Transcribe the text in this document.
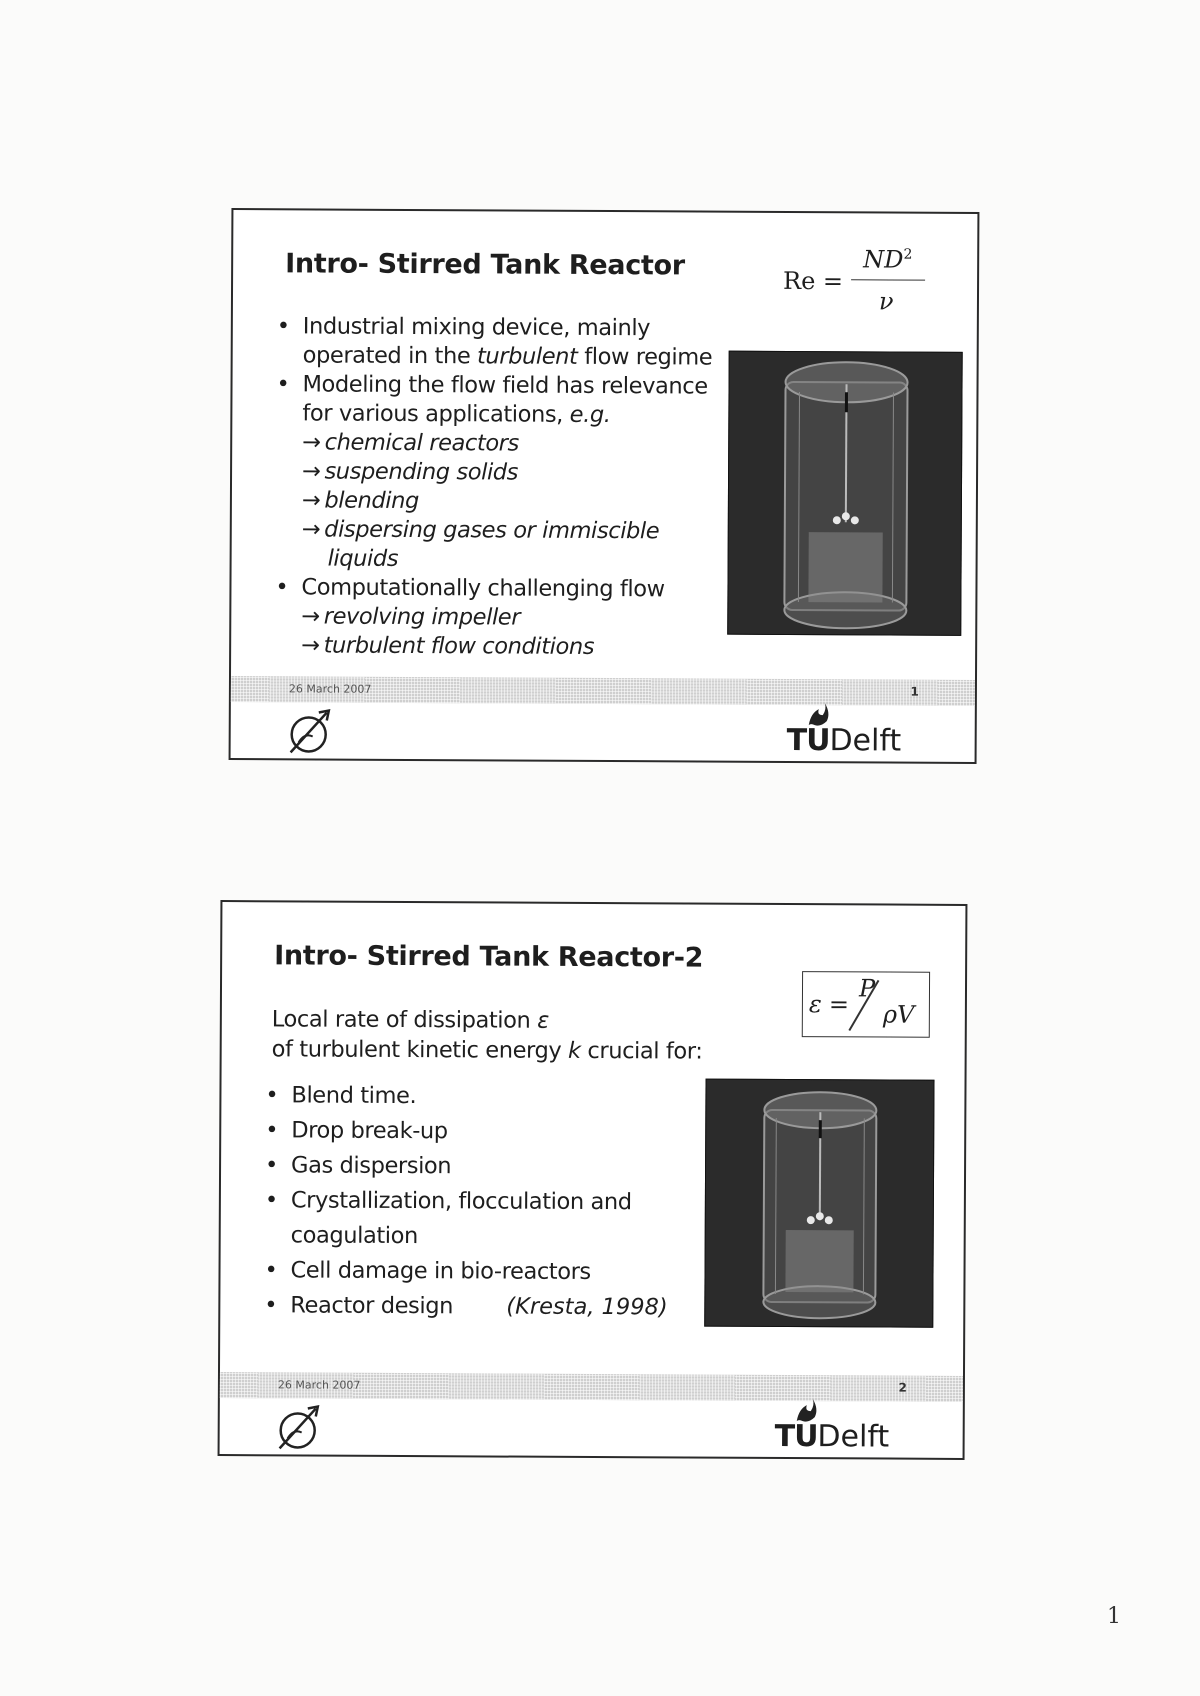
Intro- Stirred Tank Reactor	Re =
$ND^2$
ν
• Industrial mixing device, mainly
operated in the turbulent flow regime
• Modeling the flow field has relevance
for various applications, e.g.
→ chemical reactors
→ suspending solids
→ blending
→ dispersing gases or immiscible
liquids
• Computationally challenging flow
→ revolving impeller
→ turbulent flow conditions
26 March 2007	1
TUDelft
Intro- Stirred Tank Reactor-2
ε =
P
ρV
Local rate of dissipation ε
of turbulent kinetic energy k crucial for:
• Blend time.
• Drop break-up
• Gas dispersion
• Crystallization, flocculation and
coagulation
• Cell damage in bio-reactors
• Reactor design	(Kresta, 1998)
26 March 2007	2
TUDelft
1
